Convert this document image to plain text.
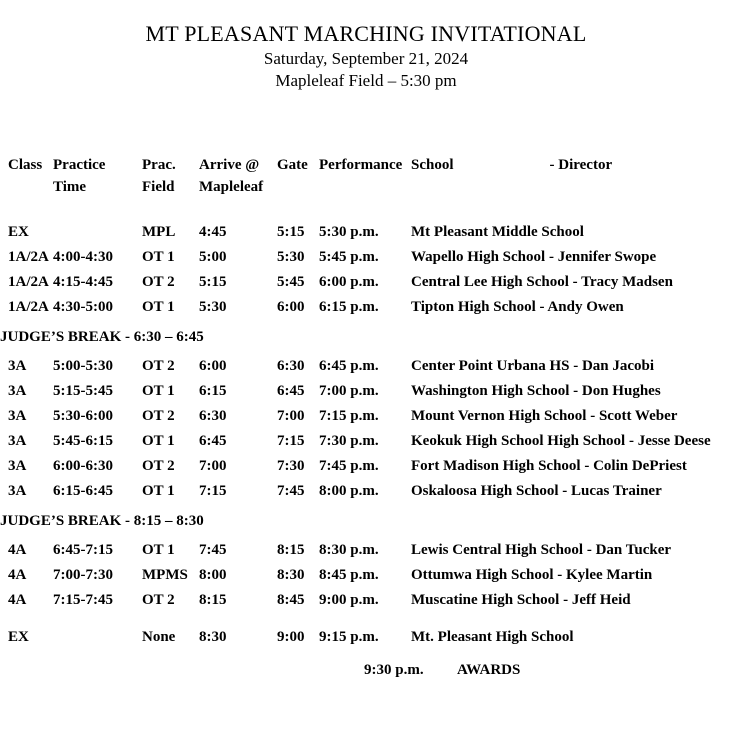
MT PLEASANT MARCHING INVITATIONAL
Saturday, September 21, 2024
Mapleleaf Field – 5:30 pm
Class	Practice	Prac.	Arrive @	Gate	Performance	School - Director
	Time	Field	Mapleleaf			

EX		MPL	4:45	5:15	5:30 p.m.	Mt Pleasant Middle School
1A/2A	4:00-4:30	OT 1	5:00	5:30	5:45 p.m.	Wapello High School - Jennifer Swope
1A/2A	4:15-4:45	OT 2	5:15	5:45	6:00 p.m.	Central Lee High School - Tracy Madsen
1A/2A	4:30-5:00	OT 1	5:30	6:00	6:15 p.m.	Tipton High School - Andy Owen
JUDGE’S BREAK - 6:30 – 6:45						
3A	5:00-5:30	OT 2	6:00	6:30	6:45 p.m.	Center Point Urbana HS - Dan Jacobi
3A	5:15-5:45	OT 1	6:15	6:45	7:00 p.m.	Washington High School - Don Hughes
3A	5:30-6:00	OT 2	6:30	7:00	7:15 p.m.	Mount Vernon High School - Scott Weber
3A	5:45-6:15	OT 1	6:45	7:15	7:30 p.m.	Keokuk High School High School - Jesse Deese
3A	6:00-6:30	OT 2	7:00	7:30	7:45 p.m.	Fort Madison High School - Colin DePriest
3A	6:15-6:45	OT 1	7:15	7:45	8:00 p.m.	Oskaloosa High School - Lucas Trainer
JUDGE’S BREAK - 8:15 – 8:30						
4A	6:45-7:15	OT 1	7:45	8:15	8:30 p.m.	Lewis Central High School - Dan Tucker
4A	7:00-7:30	MPMS	8:00	8:30	8:45 p.m.	Ottumwa High School - Kylee Martin
4A	7:15-7:45	OT 2	8:15	8:45	9:00 p.m.	Muscatine High School - Jeff Heid

EX		None	8:30	9:00	9:15 p.m.	Mt. Pleasant High School
					9:30 p.m.	AWARDS
